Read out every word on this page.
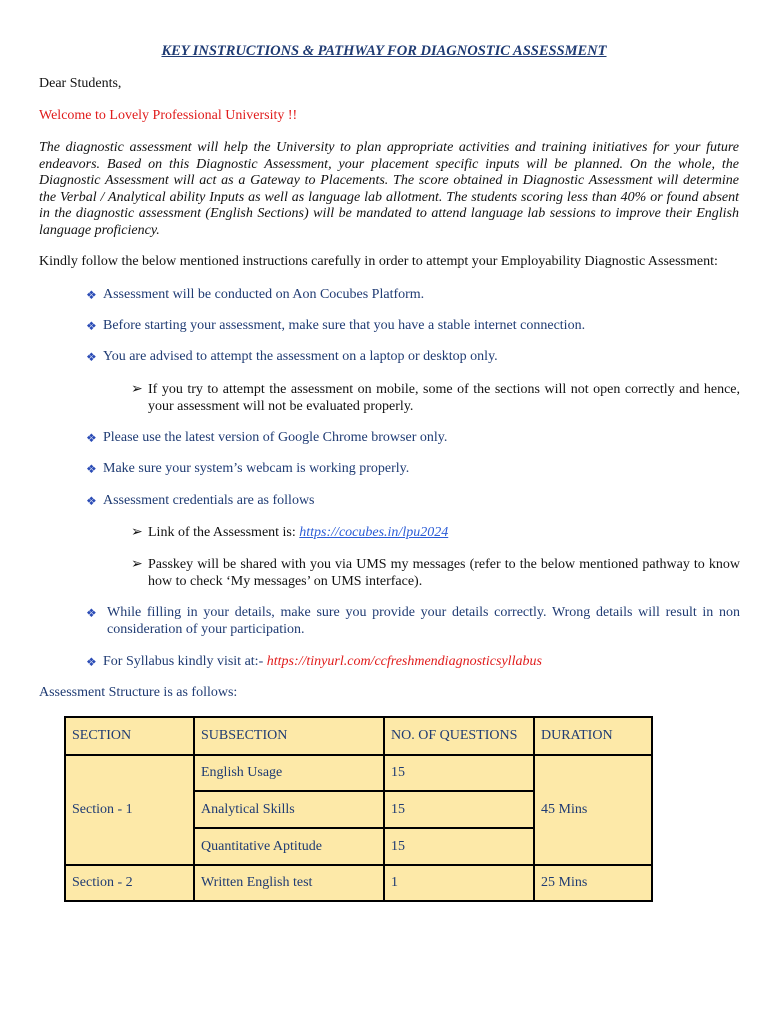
KEY INSTRUCTIONS & PATHWAY FOR DIAGNOSTIC ASSESSMENT

Dear Students,

Welcome to Lovely Professional University !!

The diagnostic assessment will help the University to plan appropriate activities and training initiatives for your future endeavors. Based on this Diagnostic Assessment, your placement specific inputs will be planned. On the whole, the Diagnostic Assessment will act as a Gateway to Placements. The score obtained in Diagnostic Assessment will determine the Verbal / Analytical ability Inputs as well as language lab allotment. The students scoring less than 40% or found absent in the diagnostic assessment (English Sections) will be mandated to attend language lab sessions to improve their English language proficiency.

Kindly follow the below mentioned instructions carefully in order to attempt your Employability Diagnostic Assessment:

❖ Assessment will be conducted on Aon Cocubes Platform.
❖ Before starting your assessment, make sure that you have a stable internet connection.
❖ You are advised to attempt the assessment on a laptop or desktop only.
➢ If you try to attempt the assessment on mobile, some of the sections will not open correctly and hence, your assessment will not be evaluated properly.
❖ Please use the latest version of Google Chrome browser only.
❖ Make sure your system’s webcam is working properly.
❖ Assessment credentials are as follows
➢ Link of the Assessment is: https://cocubes.in/lpu2024
➢ Passkey will be shared with you via UMS my messages (refer to the below mentioned pathway to know how to check ‘My messages’ on UMS interface).
❖ While filling in your details, make sure you provide your details correctly. Wrong details will result in non consideration of your participation.
❖ For Syllabus kindly visit at:- https://tinyurl.com/ccfreshmendiagnosticsyllabus

Assessment Structure is as follows:

SECTION	SUBSECTION	NO. OF QUESTIONS	DURATION
Section - 1	English Usage	15	45 Mins
	Analytical Skills	15	
	Quantitative Aptitude	15	
Section - 2	Written English test	1	25 Mins
